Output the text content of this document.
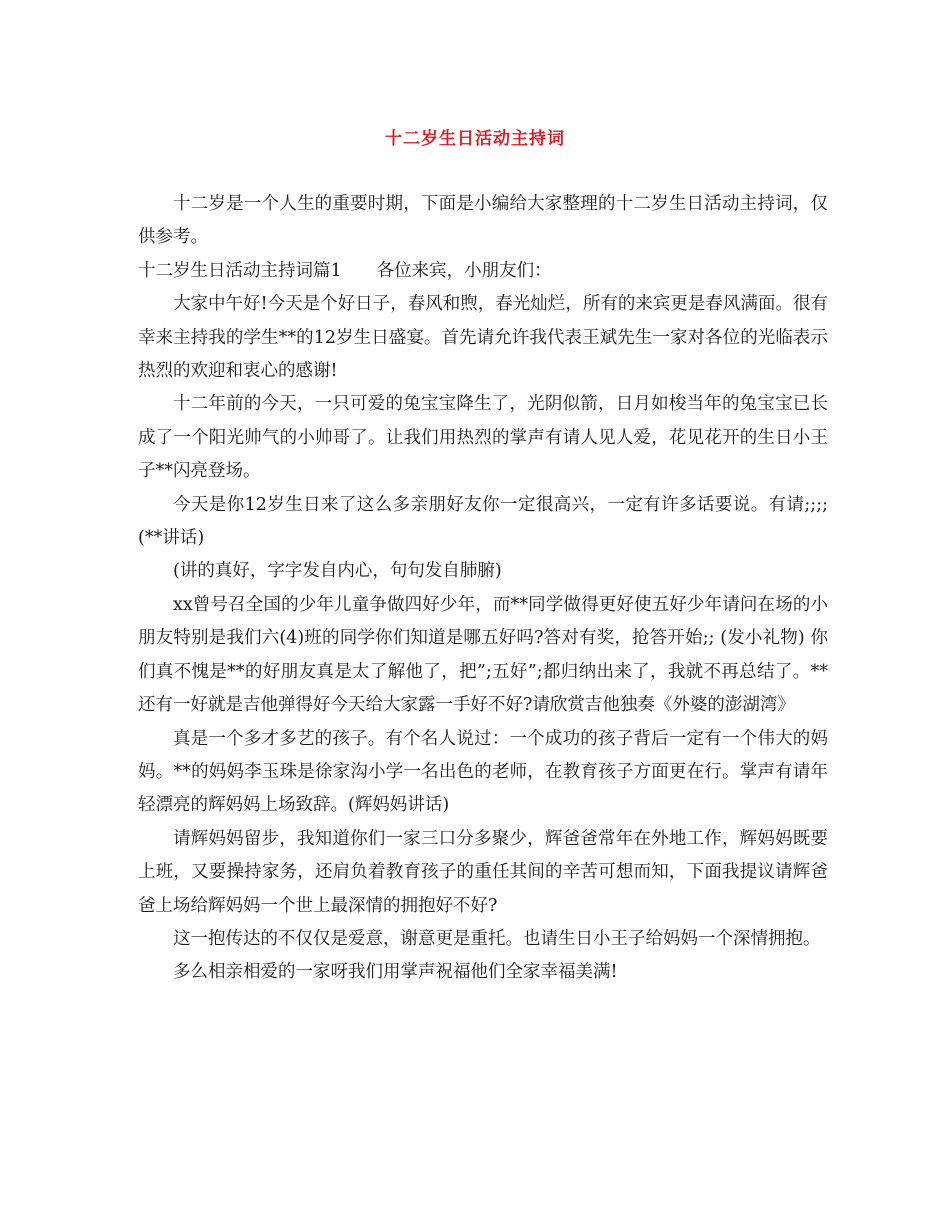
十二岁生日活动主持词

十二岁是一个人生的重要时期，下面是小编给大家整理的十二岁生日活动主持词，仅供参考。

十二岁生日活动主持词篇1　　各位来宾，小朋友们：

大家中午好!今天是个好日子，春风和煦，春光灿烂，所有的来宾更是春风满面。很有幸来主持我的学生**的12岁生日盛宴。首先请允许我代表王斌先生一家对各位的光临表示热烈的欢迎和衷心的感谢!

十二年前的今天，一只可爱的兔宝宝降生了，光阴似箭，日月如梭当年的兔宝宝已长成了一个阳光帅气的小帅哥了。让我们用热烈的掌声有请人见人爱，花见花开的生日小王子**闪亮登场。

今天是你12岁生日来了这么多亲朋好友你一定很高兴，一定有许多话要说。有请;;;; (**讲话)

(讲的真好，字字发自内心，句句发自肺腑)

xx曾号召全国的少年儿童争做四好少年，而**同学做得更好使五好少年请问在场的小朋友特别是我们六(4)班的同学你们知道是哪五好吗?答对有奖，抢答开始;; (发小礼物) 你们真不愧是**的好朋友真是太了解他了，把”;五好”;都归纳出来了，我就不再总结了。**还有一好就是吉他弹得好今天给大家露一手好不好?请欣赏吉他独奏《外婆的澎湖湾》

真是一个多才多艺的孩子。有个名人说过：一个成功的孩子背后一定有一个伟大的妈妈。**的妈妈李玉珠是徐家沟小学一名出色的老师，在教育孩子方面更在行。掌声有请年轻漂亮的辉妈妈上场致辞。(辉妈妈讲话)

请辉妈妈留步，我知道你们一家三口分多聚少，辉爸爸常年在外地工作，辉妈妈既要上班，又要操持家务，还肩负着教育孩子的重任其间的辛苦可想而知，下面我提议请辉爸爸上场给辉妈妈一个世上最深情的拥抱好不好?

这一抱传达的不仅仅是爱意，谢意更是重托。也请生日小王子给妈妈一个深情拥抱。

多么相亲相爱的一家呀我们用掌声祝福他们全家幸福美满!
